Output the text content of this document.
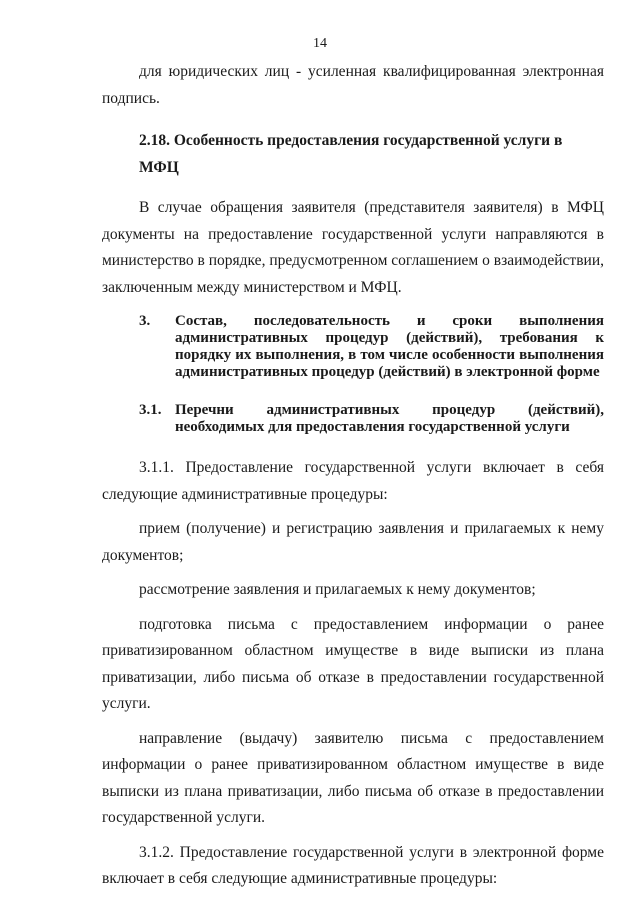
14

для юридических лиц - усиленная квалифицированная электронная подпись.

2.18. Особенность предоставления государственной услуги в МФЦ

В случае обращения заявителя (представителя заявителя) в МФЦ документы на предоставление государственной услуги направляются в министерство в порядке, предусмотренном соглашением о взаимодействии, заключенным между министерством и МФЦ.

3.	Состав, последовательность и сроки выполнения административных процедур (действий), требования к порядку их выполнения, в том числе особенности выполнения административных процедур (действий) в электронной форме
3.1. Перечни административных процедур (действий), необходимых для предоставления государственной услуги

3.1.1. Предоставление государственной услуги включает в себя следующие административные процедуры:

прием (получение) и регистрацию заявления и прилагаемых к нему документов;

рассмотрение заявления и прилагаемых к нему документов;

подготовка письма с предоставлением информации о ранее приватизированном областном имуществе в виде выписки из плана приватизации, либо письма об отказе в предоставлении государственной услуги.

направление (выдачу) заявителю письма с предоставлением информации о ранее приватизированном областном имуществе в виде выписки из плана приватизации, либо письма об отказе в предоставлении государственной услуги.

3.1.2. Предоставление государственной услуги в электронной форме включает в себя следующие административные процедуры:
